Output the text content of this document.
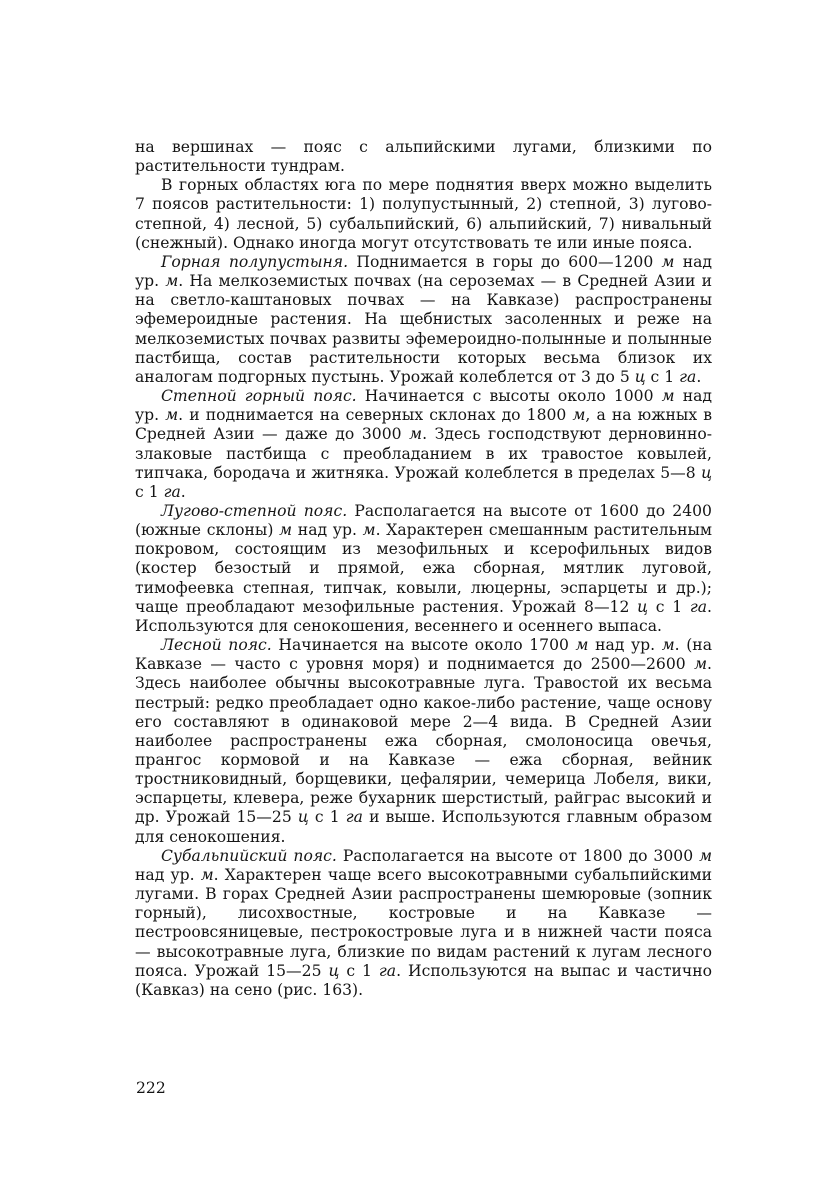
на вершинах — пояс с альпийскими лугами, близкими по растительности тундрам.

В горных областях юга по мере поднятия вверх можно выделить 7 поясов растительности: 1) полупустынный, 2) степной, 3) лугово-степной, 4) лесной, 5) субальпийский, 6) альпийский, 7) нивальный (снежный). Однако иногда могут отсутствовать те или иные пояса.

Горная полупустыня. Поднимается в горы до 600—1200 м над ур. м. На мелкоземистых почвах (на сероземах — в Средней Азии и на светло-каштановых почвах — на Кавказе) распространены эфемероидные растения. На щебнистых засоленных и реже на мелкоземистых почвах развиты эфемероидно-полынные и полынные пастбища, состав растительности которых весьма близок их аналогам подгорных пустынь. Урожай колеблется от 3 до 5 ц с 1 га.

Степной горный пояс. Начинается с высоты около 1000 м над ур. м. и поднимается на северных склонах до 1800 м, а на южных в Средней Азии — даже до 3000 м. Здесь господствуют дерновинно-злаковые пастбища с преобладанием в их травостое ковылей, типчака, бородача и житняка. Урожай колеблется в пределах 5—8 ц с 1 га.

Лугово-степной пояс. Располагается на высоте от 1600 до 2400 (южные склоны) м над ур. м. Характерен смешанным растительным покровом, состоящим из мезофильных и ксерофильных видов (костер безостый и прямой, ежа сборная, мятлик луговой, тимофеевка степная, типчак, ковыли, люцерны, эспарцеты и др.); чаще преобладают мезофильные растения. Урожай 8—12 ц с 1 га. Используются для сенокошения, весеннего и осеннего выпаса.

Лесной пояс. Начинается на высоте около 1700 м над ур. м. (на Кавказе — часто с уровня моря) и поднимается до 2500—2600 м. Здесь наиболее обычны высокотравные луга. Травостой их весьма пестрый: редко преобладает одно какое-либо растение, чаще основу его составляют в одинаковой мере 2—4 вида. В Средней Азии наиболее распространены ежа сборная, смолоносица овечья, прангос кормовой и на Кавказе — ежа сборная, вейник тростниковидный, борщевики, цефалярии, чемерица Лобеля, вики, эспарцеты, клевера, реже бухарник шерстистый, райграс высокий и др. Урожай 15—25 ц с 1 га и выше. Используются главным образом для сенокошения.

Субальпийский пояс. Располагается на высоте от 1800 до 3000 м над ур. м. Характерен чаще всего высокотравными субальпийскими лугами. В горах Средней Азии распространены шемюровые (зопник горный), лисохвостные, костровые и на Кавказе — пестроовсяницевые, пестрокостровые луга и в нижней части пояса — высокотравные луга, близкие по видам растений к лугам лесного пояса. Урожай 15—25 ц с 1 га. Используются на выпас и частично (Кавказ) на сено (рис. 163).

222
